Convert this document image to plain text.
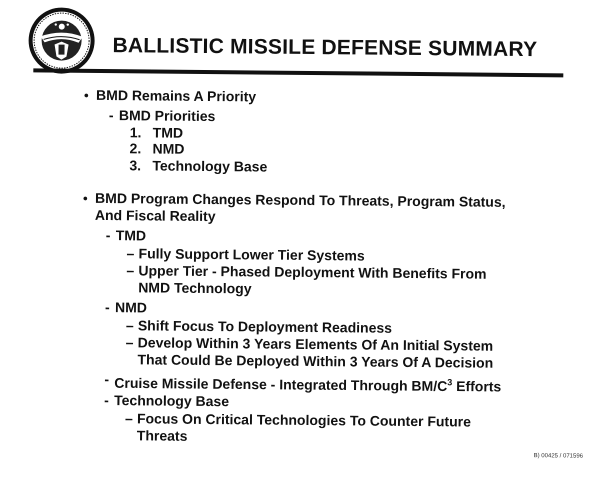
BALLISTIC MISSILE DEFENSE SUMMARY
• BMD Remains A Priority
- BMD Priorities
1. TMD
2. NMD
3. Technology Base
• BMD Program Changes Respond To Threats, Program Status,
And Fiscal Reality
- TMD
– Fully Support Lower Tier Systems
– Upper Tier - Phased Deployment With Benefits From
NMD Technology
- NMD
– Shift Focus To Deployment Readiness
– Develop Within 3 Years Elements Of An Initial System
That Could Be Deployed Within 3 Years Of A Decision
- Cruise Missile Defense - Integrated Through $BM/C^3$ Efforts
- Technology Base
– Focus On Critical Technologies To Counter Future
Threats
B) 00425 / 071596
